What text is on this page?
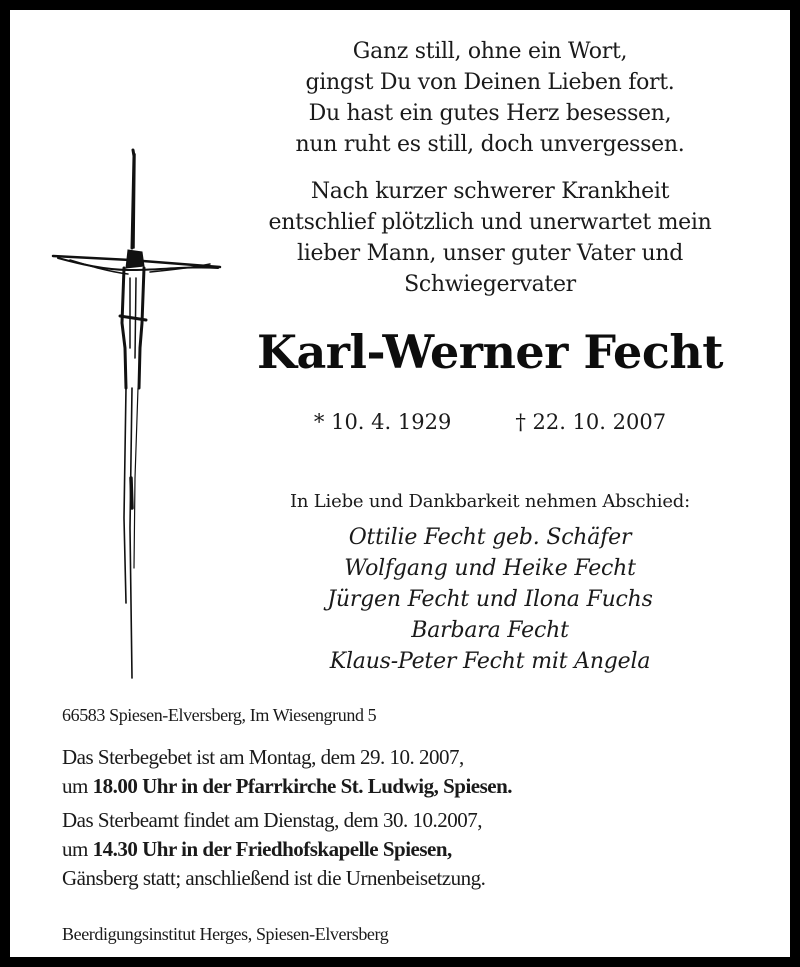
Ganz still, ohne ein Wort,
gingst Du von Deinen Lieben fort.
Du hast ein gutes Herz besessen,
nun ruht es still, doch unvergessen.
Nach kurzer schwerer Krankheit
entschlief plötzlich und unerwartet mein
lieber Mann, unser guter Vater und
Schwiegervater
Karl-Werner Fecht
* 10. 4. 1929	† 22. 10. 2007
In Liebe und Dankbarkeit nehmen Abschied:
Ottilie Fecht geb. Schäfer
Wolfgang und Heike Fecht
Jürgen Fecht und Ilona Fuchs
Barbara Fecht
Klaus-Peter Fecht mit Angela
66583 Spiesen-Elversberg, Im Wiesengrund 5
Das Sterbegebet ist am Montag, dem 29. 10. 2007,
um 18.00 Uhr in der Pfarrkirche St. Ludwig, Spiesen.
Das Sterbeamt findet am Dienstag, dem 30. 10.2007,
um 14.30 Uhr in der Friedhofskapelle Spiesen,
Gänsberg statt; anschließend ist die Urnenbeisetzung.
Beerdigungsinstitut Herges, Spiesen-Elversberg
